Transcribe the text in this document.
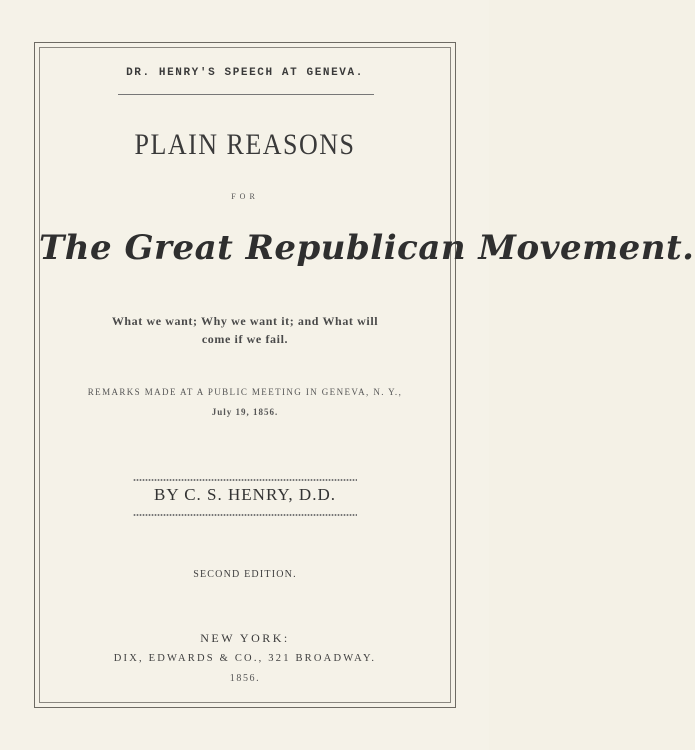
DR. HENRY'S SPEECH AT GENEVA.
PLAIN REASONS
FOR
The Great Republican Movement.
What we want; Why we want it; and What will
come if we fail.
REMARKS MADE AT A PUBLIC MEETING IN GENEVA, N. Y.,
July 19, 1856.
BY C. S. HENRY, D.D.
SECOND EDITION.
NEW YORK:
DIX, EDWARDS & CO., 321 BROADWAY.
1856.
